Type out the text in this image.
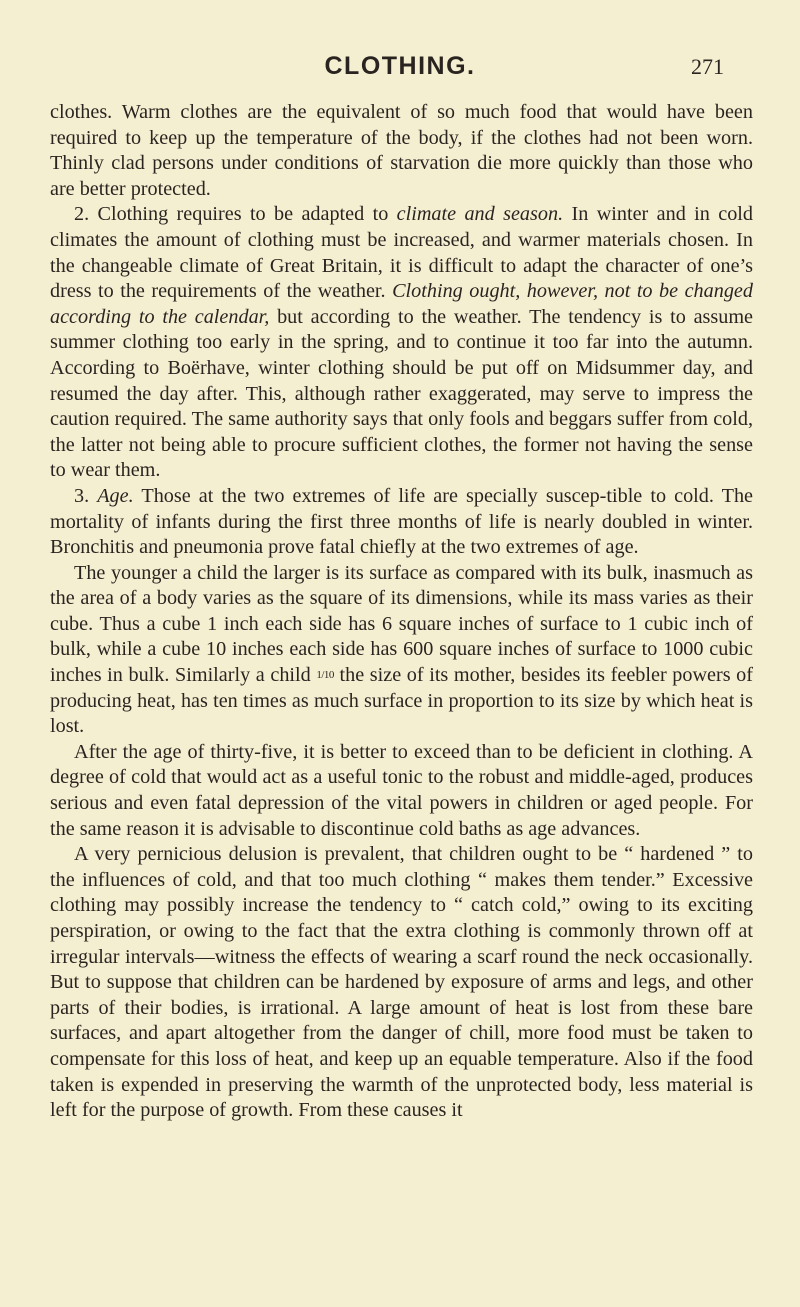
CLOTHING.	271

clothes. Warm clothes are the equivalent of so much food that would have been required to keep up the temperature of the body, if the clothes had not been worn. Thinly clad persons under conditions of starvation die more quickly than those who are better protected.

2. Clothing requires to be adapted to climate and season. In winter and in cold climates the amount of clothing must be increased, and warmer materials chosen. In the changeable climate of Great Britain, it is difficult to adapt the character of one’s dress to the requirements of the weather. Clothing ought, however, not to be changed according to the calendar, but according to the weather. The tendency is to assume summer clothing too early in the spring, and to continue it too far into the autumn. According to Boërhave, winter clothing should be put off on Midsummer day, and resumed the day after. This, although rather exaggerated, may serve to impress the caution required. The same authority says that only fools and beggars suffer from cold, the latter not being able to procure sufficient clothes, the former not having the sense to wear them.

3. Age. Those at the two extremes of life are specially suscep-tible to cold. The mortality of infants during the first three months of life is nearly doubled in winter. Bronchitis and pneumonia prove fatal chiefly at the two extremes of age.

The younger a child the larger is its surface as compared with its bulk, inasmuch as the area of a body varies as the square of its dimensions, while its mass varies as their cube. Thus a cube 1 inch each side has 6 square inches of surface to 1 cubic inch of bulk, while a cube 10 inches each side has 600 square inches of surface to 1000 cubic inches in bulk. Similarly a child 1/10 the size of its mother, besides its feebler powers of producing heat, has ten times as much surface in proportion to its size by which heat is lost.

After the age of thirty-five, it is better to exceed than to be deficient in clothing. A degree of cold that would act as a useful tonic to the robust and middle-aged, produces serious and even fatal depression of the vital powers in children or aged people. For the same reason it is advisable to discontinue cold baths as age advances.

A very pernicious delusion is prevalent, that children ought to be “ hardened ” to the influences of cold, and that too much clothing “ makes them tender.” Excessive clothing may possibly increase the tendency to “ catch cold,” owing to its exciting perspiration, or owing to the fact that the extra clothing is commonly thrown off at irregular intervals—witness the effects of wearing a scarf round the neck occasionally. But to suppose that children can be hardened by exposure of arms and legs, and other parts of their bodies, is irrational. A large amount of heat is lost from these bare surfaces, and apart altogether from the danger of chill, more food must be taken to compensate for this loss of heat, and keep up an equable temperature. Also if the food taken is expended in preserving the warmth of the unprotected body, less material is left for the purpose of growth. From these causes it
